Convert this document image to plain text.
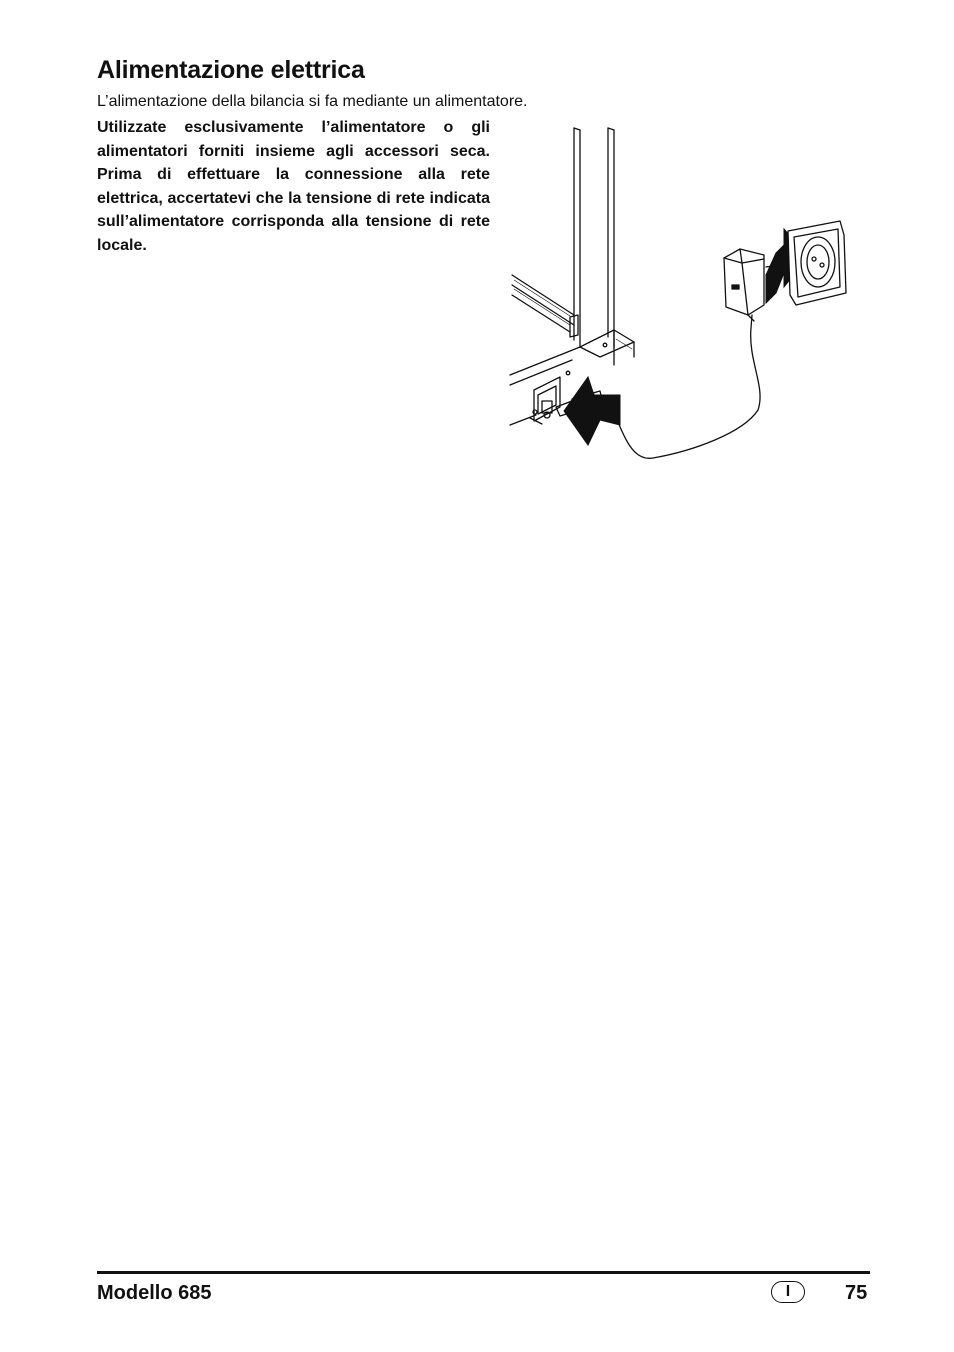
Alimentazione elettrica

L’alimentazione della bilancia si fa mediante un alimentatore.

Utilizzate esclusivamente l’alimentatore o gli alimentatori forniti insieme agli accessori seca. Prima di effettuare la connessione alla rete elettrica, accertatevi che la tensione di rete indicata sull’alimentatore corrisponda alla tensione di rete locale.

Modello 685	I	75
